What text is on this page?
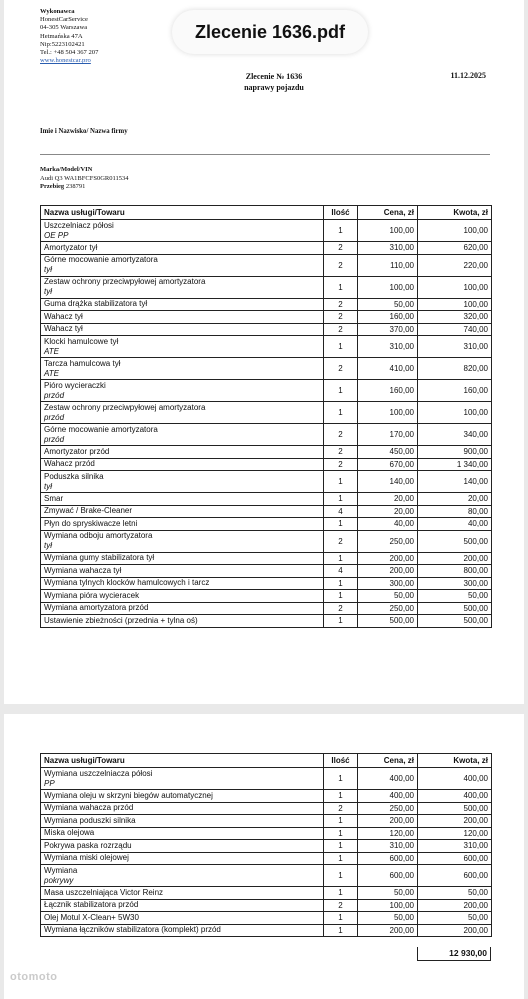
Wykonawca
HonestCarService
04-305 Warszawa
Hetmańska 47A
Nip:5223102421
Tel.: +48 504 367 207
www.honestcar.pro
Zlecenie 1636.pdf
Zlecenie № 1636
naprawy pojazdu
11.12.2025
Imie i Nazwisko/ Nazwa firmy
Marka/Model/VIN
Audi Q3 WA1BFCFS0GR011534
Przebieg 238791
Nazwa usługi/Towaru	Ilość	Cena, zł	Kwota, zł
Uszczelniacz półosi
OE PP	1	100,00	100,00
Amortyzator tył	2	310,00	620,00
Górne mocowanie amortyzatora
tył	2	110,00	220,00
Zestaw ochrony przeciwpyłowej amortyzatora
tył	1	100,00	100,00
Guma drążka stabilizatora tył	2	50,00	100,00
Wahacz tył	2	160,00	320,00
Wahacz tył	2	370,00	740,00
Klocki hamulcowe tył
ATE	1	310,00	310,00
Tarcza hamulcowa tył
ATE	2	410,00	820,00
Pióro wycieraczki
przód	1	160,00	160,00
Zestaw ochrony przeciwpyłowej amortyzatora
przód	1	100,00	100,00
Górne mocowanie amortyzatora
przód	2	170,00	340,00
Amortyzator przód	2	450,00	900,00
Wahacz przód	2	670,00	1 340,00
Poduszka silnika
tył	1	140,00	140,00
Smar	1	20,00	20,00
Zmywać / Brake-Cleaner	4	20,00	80,00
Płyn do spryskiwacze letni	1	40,00	40,00
Wymiana odboju amortyzatora
tył	2	250,00	500,00
Wymiana gumy stabilizatora tył	1	200,00	200,00
Wymiana wahacza tył	4	200,00	800,00
Wymiana tylnych klocków hamulcowych i tarcz	1	300,00	300,00
Wymiana pióra wycieracek	1	50,00	50,00
Wymiana amortyzatora przód	2	250,00	500,00
Ustawienie zbieżności (przednia + tylna oś)	1	500,00	500,00
Nazwa usługi/Towaru	Ilość	Cena, zł	Kwota, zł
Wymiana uszczelniacza półosi
PP	1	400,00	400,00
Wymiana oleju w skrzyni biegów automatycznej	1	400,00	400,00
Wymiana wahacza przód	2	250,00	500,00
Wymiana poduszki silnika	1	200,00	200,00
Miska olejowa	1	120,00	120,00
Pokrywa paska rozrządu	1	310,00	310,00
Wymiana miski olejowej	1	600,00	600,00
Wymiana
pokrywy	1	600,00	600,00
Masa uszczelniająca Victor Reinz	1	50,00	50,00
Łącznik stabilizatora przód	2	100,00	200,00
Olej Motul X-Clean+ 5W30	1	50,00	50,00
Wymiana łączników stabilizatora (komplekt) przód	1	200,00	200,00
12 930,00
otomoto
